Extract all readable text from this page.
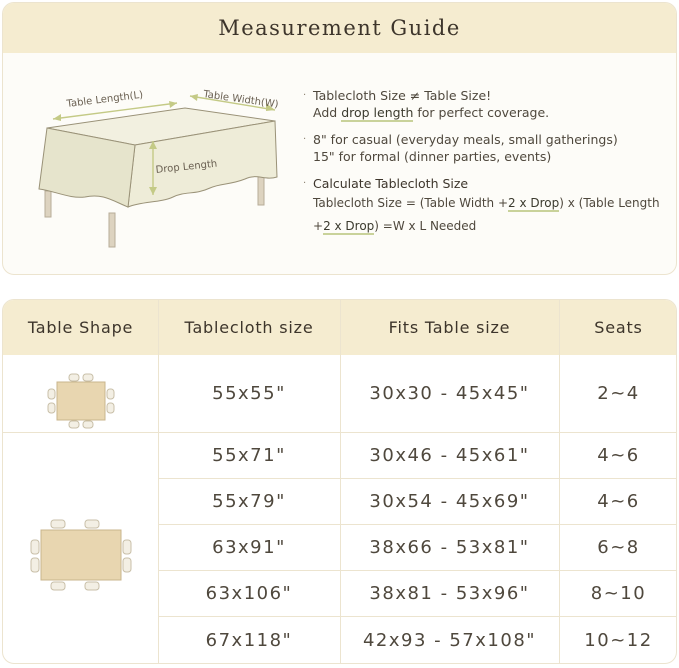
Measurement Guide
Table Length(L)	Table Width(W)
Drop Length
· Tablecloth Size ≠ Table Size!
Add drop length for perfect coverage.
· 8" for casual (everyday meals, small gatherings)
15" for formal (dinner parties, events)
· Calculate Tablecloth Size
Tablecloth Size = (Table Width +2 x Drop) x (Table Length
+2 x Drop) =W x L Needed
Table Shape	Tablecloth size	Fits Table size	Seats
55x55"	30x30 - 45x45"	2~4
55x71"	30x46 - 45x61"	4~6
55x79"	30x54 - 45x69"	4~6
63x91"	38x66 - 53x81"	6~8
63x106"	38x81 - 53x96"	8~10
67x118"	42x93 - 57x108"	10~12
